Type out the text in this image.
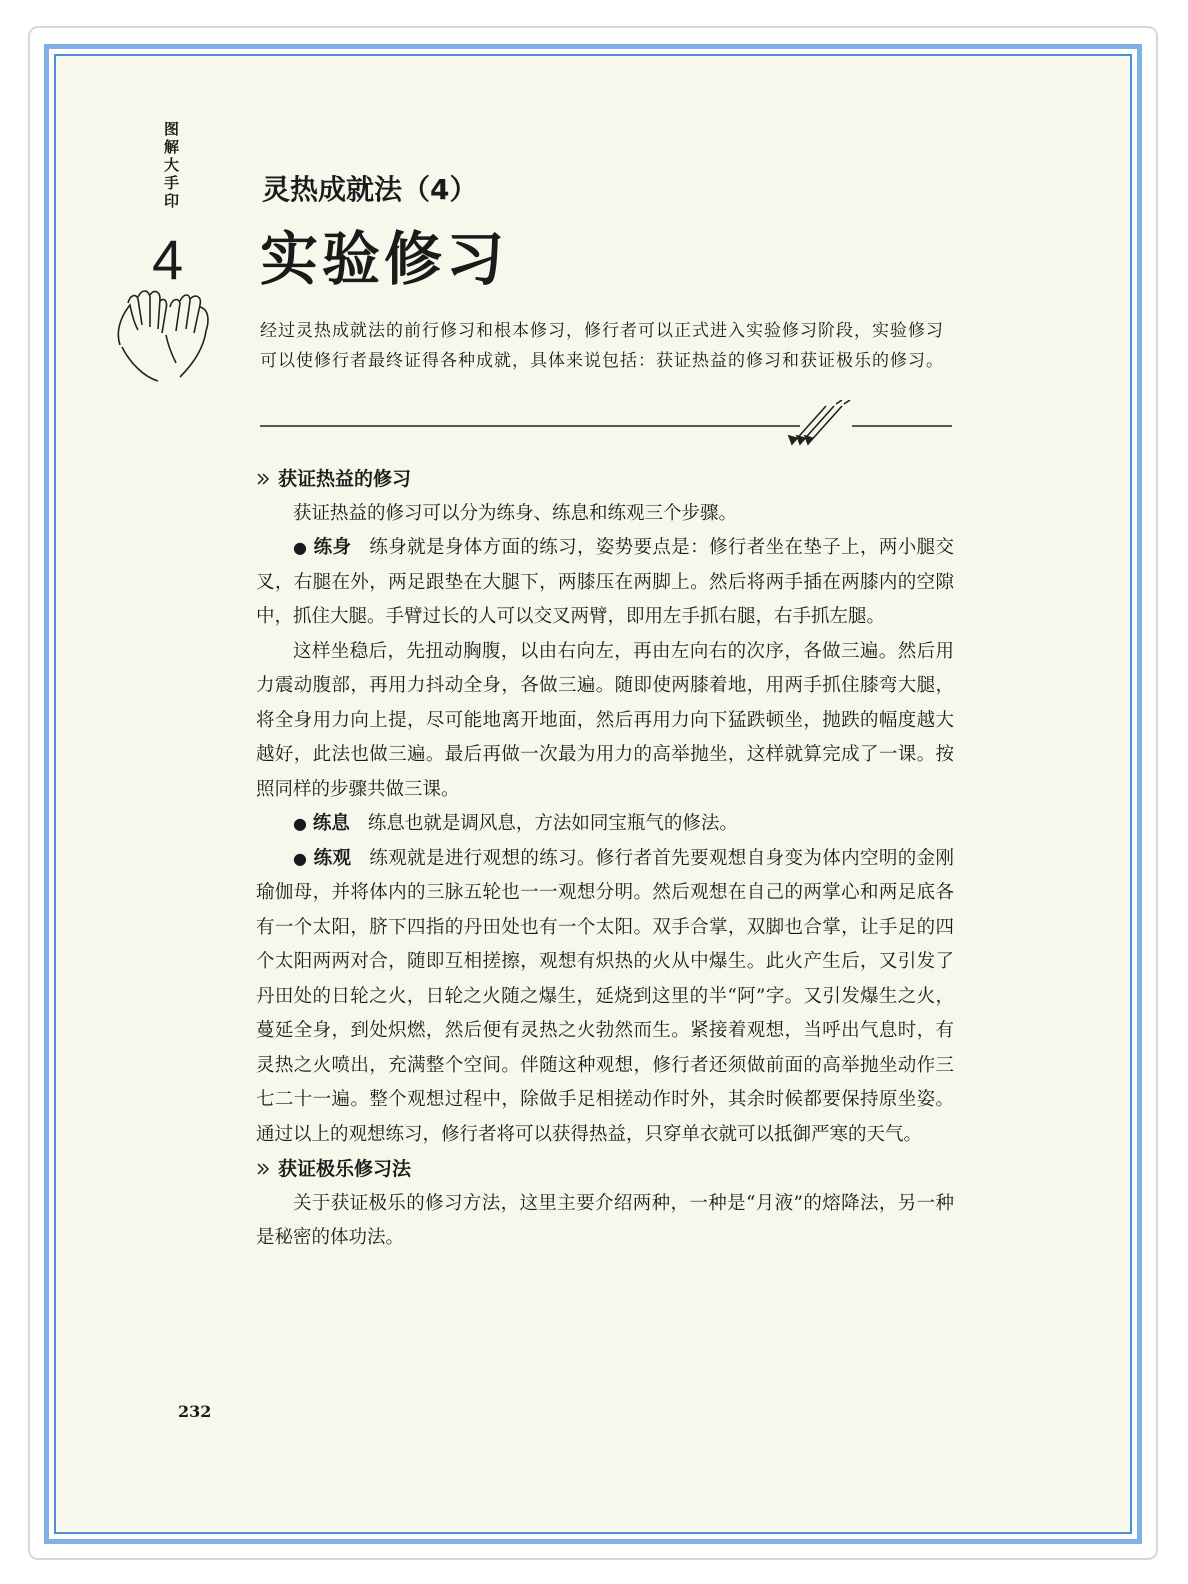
图解大手印
4
灵热成就法（4）
实验修习
经过灵热成就法的前行修习和根本修习，修行者可以正式进入实验修习阶段，实验修习可以使修行者最终证得各种成就，具体来说包括：获证热益的修习和获证极乐的修习。
获证热益的修习

获证热益的修习可以分为练身、练息和练观三个步骤。

● 练身 练身就是身体方面的练习，姿势要点是：修行者坐在垫子上，两小腿交叉，右腿在外，两足跟垫在大腿下，两膝压在两脚上。然后将两手插在两膝内的空隙中，抓住大腿。手臂过长的人可以交叉两臂，即用左手抓右腿，右手抓左腿。

这样坐稳后，先扭动胸腹，以由右向左，再由左向右的次序，各做三遍。然后用力震动腹部，再用力抖动全身，各做三遍。随即使两膝着地，用两手抓住膝弯大腿，将全身用力向上提，尽可能地离开地面，然后再用力向下猛跌顿坐，抛跌的幅度越大越好，此法也做三遍。最后再做一次最为用力的高举抛坐，这样就算完成了一课。按照同样的步骤共做三课。

● 练息 练息也就是调风息，方法如同宝瓶气的修法。

● 练观 练观就是进行观想的练习。修行者首先要观想自身变为体内空明的金刚瑜伽母，并将体内的三脉五轮也一一观想分明。然后观想在自己的两掌心和两足底各有一个太阳，脐下四指的丹田处也有一个太阳。双手合掌，双脚也合掌，让手足的四个太阳两两对合，随即互相搓擦，观想有炽热的火从中爆生。此火产生后，又引发了丹田处的日轮之火，日轮之火随之爆生，延烧到这里的半“阿”字。又引发爆生之火，蔓延全身，到处炽燃，然后便有灵热之火勃然而生。紧接着观想，当呼出气息时，有灵热之火喷出，充满整个空间。伴随这种观想，修行者还须做前面的高举抛坐动作三七二十一遍。整个观想过程中，除做手足相搓动作时外，其余时候都要保持原坐姿。通过以上的观想练习，修行者将可以获得热益，只穿单衣就可以抵御严寒的天气。

获证极乐修习法

关于获证极乐的修习方法，这里主要介绍两种，一种是“月液”的熔降法，另一种是秘密的体功法。

232
